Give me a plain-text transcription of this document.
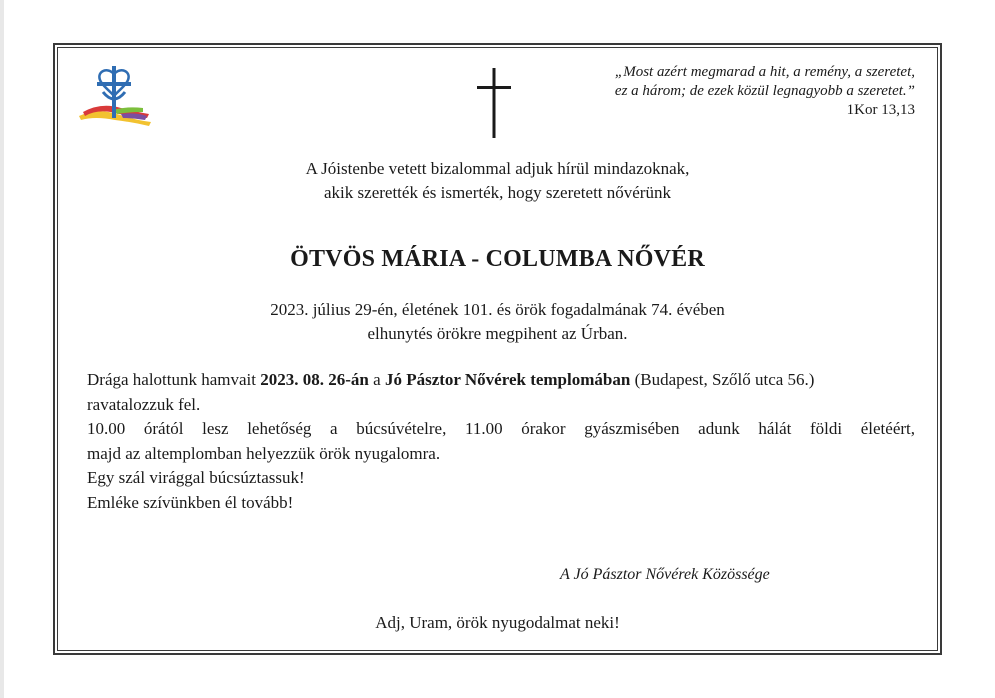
„Most azért megmarad a hit, a remény, a szeretet,
ez a három; de ezek közül legnagyobb a szeretet.”
1Kor 13,13
A Jóistenbe vetett bizalommal adjuk hírül mindazoknak,
akik szerették és ismerték, hogy szeretett nővérünk
ÖTVÖS MÁRIA - COLUMBA NŐVÉR
2023. július 29-én, életének 101. és örök fogadalmának 74. évében
elhunytés örökre megpihent az Úrban.

Drága halottunk hamvait 2023. 08. 26-án a Jó Pásztor Nővérek templomában (Budapest, Szőlő utca 56.)

ravatalozzuk fel.

10.00 órától lesz lehetőség a búcsúvételre, 11.00 órakor gyászmisében adunk hálát földi életéért,

majd az altemplomban helyezzük örök nyugalomra.

Egy szál virággal búcsúztassuk!

Emléke szívünkben él tovább!

A Jó Pásztor Nővérek Közössége
Adj, Uram, örök nyugodalmat neki!
